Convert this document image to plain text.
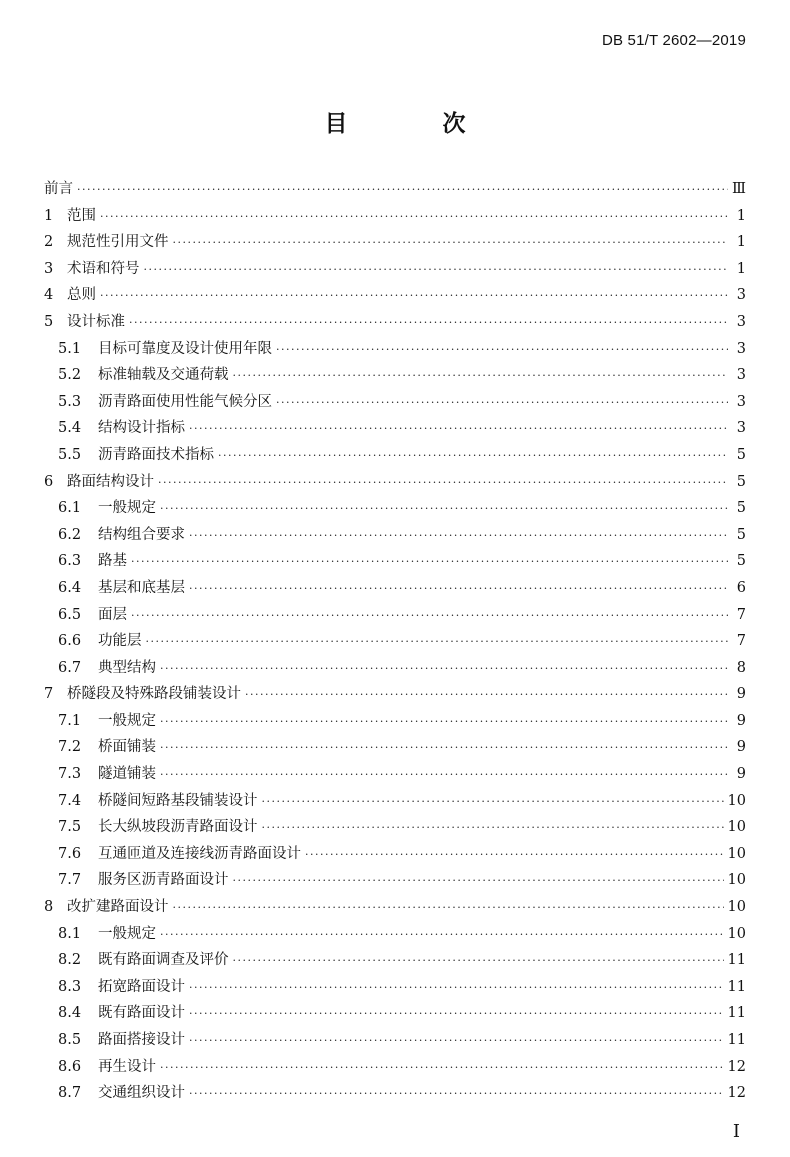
DB 51/T 2602—2019
目　次
前言 ·····	Ⅲ
1 范围 ·····	1
2 规范性引用文件 ·····	1
3 术语和符号 ·····	1
4 总则 ·····	3
5 设计标准 ·····	3
5.1	目标可靠度及设计使用年限 ·····	3
5.2	标准轴载及交通荷载 ·····	3
5.3	沥青路面使用性能气候分区 ·····	3
5.4	结构设计指标 ·····	3
5.5	沥青路面技术指标 ·····	5
6 路面结构设计 ·····	5
6.1	一般规定 ·····	5
6.2	结构组合要求 ·····	5
6.3	路基 ·····	5
6.4	基层和底基层 ·····	6
6.5	面层 ·····	7
6.6	功能层 ·····	7
6.7	典型结构 ·····	8
7 桥隧段及特殊路段铺装设计 ·····	9
7.1	一般规定 ·····	9
7.2	桥面铺装 ·····	9
7.3	隧道铺装 ·····	9
7.4	桥隧间短路基段铺装设计 ·····	10
7.5	长大纵坡段沥青路面设计 ·····	10
7.6	互通匝道及连接线沥青路面设计 ·····	10
7.7	服务区沥青路面设计 ·····	10
8 改扩建路面设计 ·····	10
8.1	一般规定 ·····	10
8.2	既有路面调查及评价 ·····	11
8.3	拓宽路面设计 ·····	11
8.4	既有路面设计 ·····	11
8.5	路面搭接设计 ·····	11
8.6	再生设计 ·····	12
8.7	交通组织设计 ·····	12
I
